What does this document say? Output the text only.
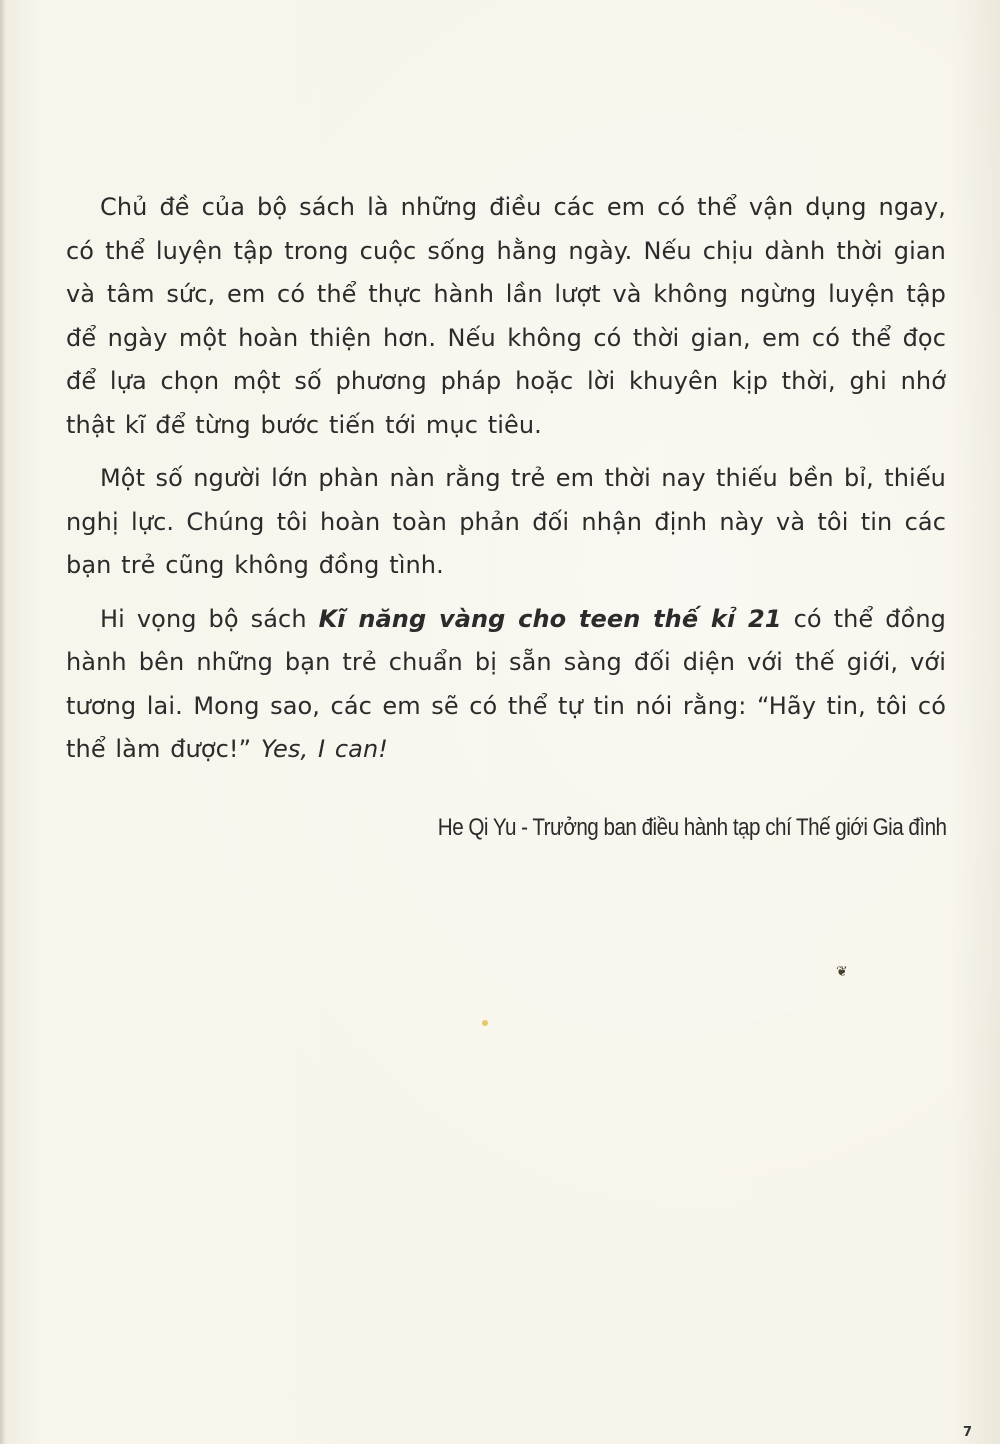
Chủ đề của bộ sách là những điều các em có thể vận dụng ngay, có thể luyện tập trong cuộc sống hằng ngày. Nếu chịu dành thời gian và tâm sức, em có thể thực hành lần lượt và không ngừng luyện tập để ngày một hoàn thiện hơn. Nếu không có thời gian, em có thể đọc để lựa chọn một số phương pháp hoặc lời khuyên kịp thời, ghi nhớ thật kĩ để từng bước tiến tới mục tiêu.

Một số người lớn phàn nàn rằng trẻ em thời nay thiếu bền bỉ, thiếu nghị lực. Chúng tôi hoàn toàn phản đối nhận định này và tôi tin các bạn trẻ cũng không đồng tình.

Hi vọng bộ sách Kĩ năng vàng cho teen thế kỉ 21 có thể đồng hành bên những bạn trẻ chuẩn bị sẵn sàng đối diện với thế giới, với tương lai. Mong sao, các em sẽ có thể tự tin nói rằng: “Hãy tin, tôi có thể làm được!” Yes, I can!

He Qi Yu - Trưởng ban điều hành tạp chí Thế giới Gia đình
❦
7
